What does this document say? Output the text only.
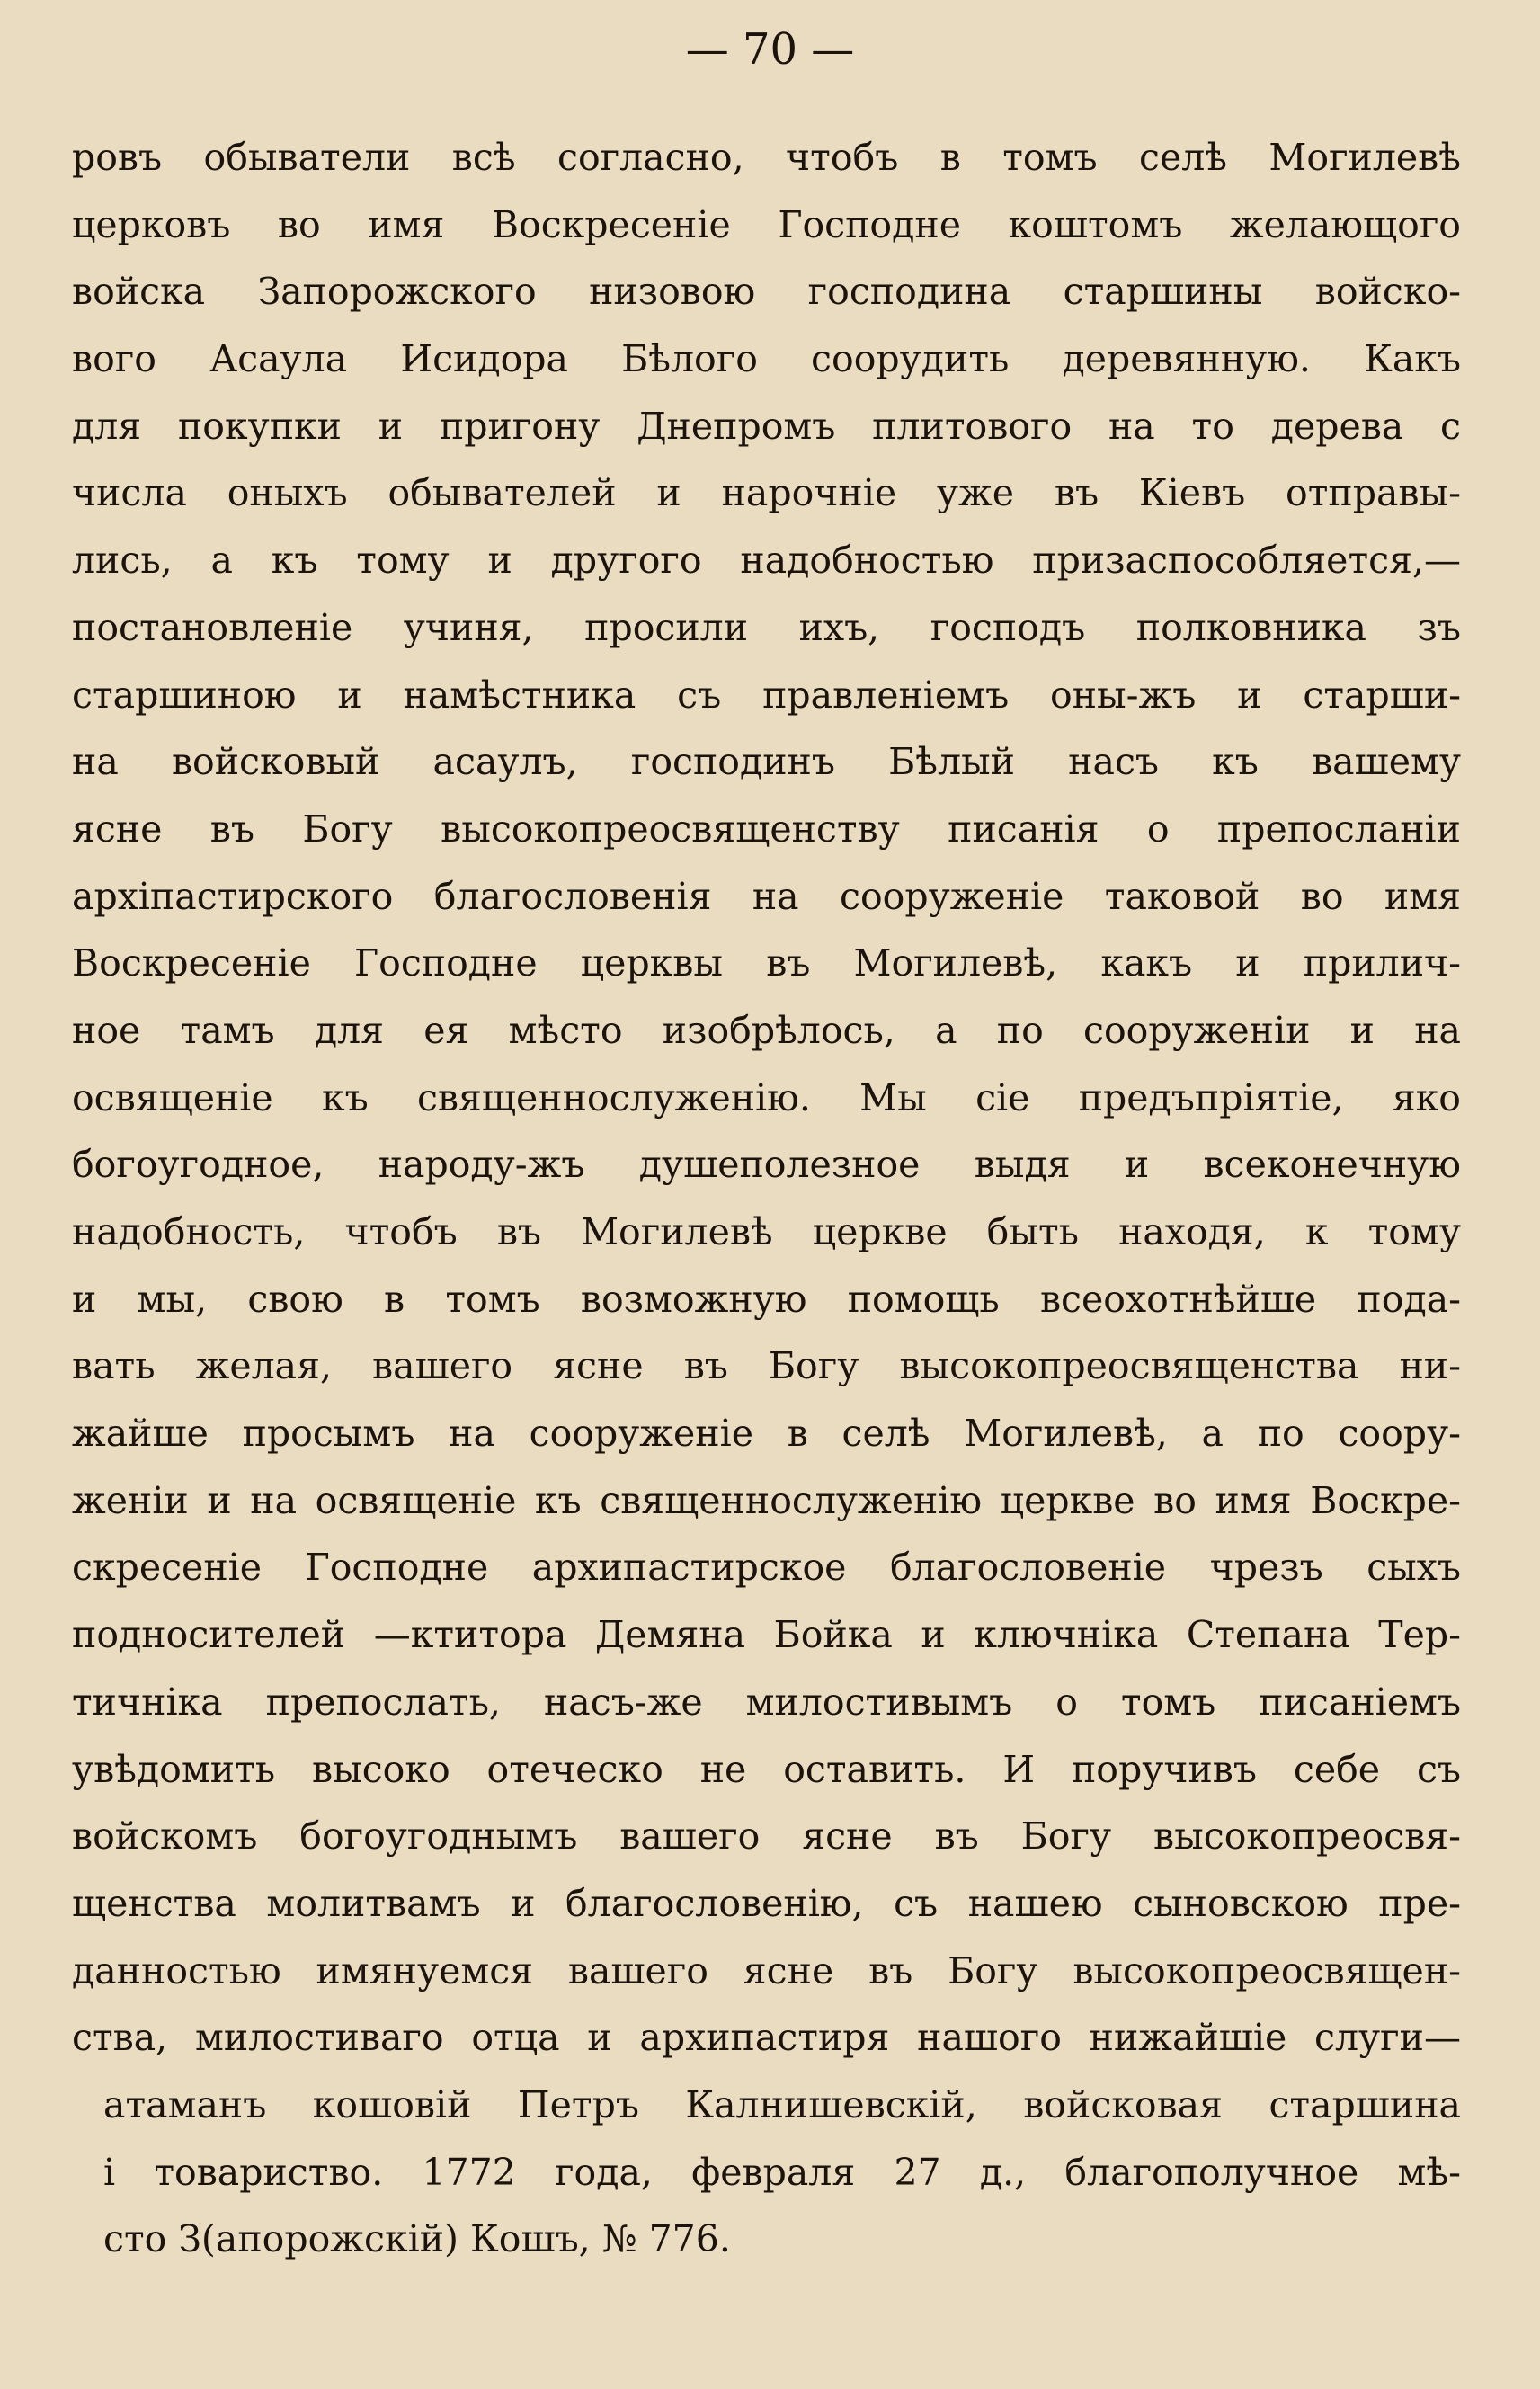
— 70 —
ровъ обыватели всѣ согласно, чтобъ в томъ селѣ Могилевѣ
церковъ во имя Воскресеніе Господне коштомъ желающого
войска Запорожского низовою господина старшины войско-
вого Асаула Исидора Бѣлого соорудить деревянную. Какъ
для покупки и пригону Днепромъ плитового на то дерева с
числа оныхъ обывателей и нарочніе уже въ Кіевъ отправы-
лись, а къ тому и другого надобностью призаспособляется,—
постановленіе учиня, просили ихъ, господъ полковника зъ
старшиною и намѣстника съ правленіемъ оны-жъ и старши-
на войсковый асаулъ, господинъ Бѣлый насъ къ вашему
ясне въ Богу высокопреосвященству писанія о препосланіи
архіпастирского благословенія на сооруженіе таковой во имя
Воскресеніе Господне церквы въ Могилевѣ, какъ и прилич-
ное тамъ для ея мѣсто изобрѣлось, а по сооруженіи и на
освященіе къ священнослуженію. Мы сіе предъпріятіе, яко
богоугодное, народу-жъ душеполезное выдя и всеконечную
надобность, чтобъ въ Могилевѣ церкве быть находя, к тому
и мы, свою в томъ возможную помощь всеохотнѣйше пода-
вать желая, вашего ясне въ Богу высокопреосвященства ни-
жайше просымъ на сооруженіе в селѣ Могилевѣ, а по соору-
женіи и на освященіе къ священнослуженію церкве во имя Воскре-
скресеніе Господне архипастирское благословеніе чрезъ сыхъ
подносителей —ктитора Демяна Бойка и ключніка Степана Тер-
тичніка препослать, насъ-же милостивымъ о томъ писаніемъ
увѣдомить высоко отеческо не оставить. И поручивъ себе съ
войскомъ богоугоднымъ вашего ясне въ Богу высокопреосвя-
щенства молитвамъ и благословенію, съ нашею сыновскою пре-
данностью имянуемся вашего ясне въ Богу высокопреосвящен-
ства, милостиваго отца и архипастиря нашого нижайшіе слуги—
атаманъ кошовій Петръ Калнишевскій, войсковая старшина
і товариство. 1772 года, февраля 27 д., благополучное мѣ-
сто З(апорожскій) Кошъ, № 776.
